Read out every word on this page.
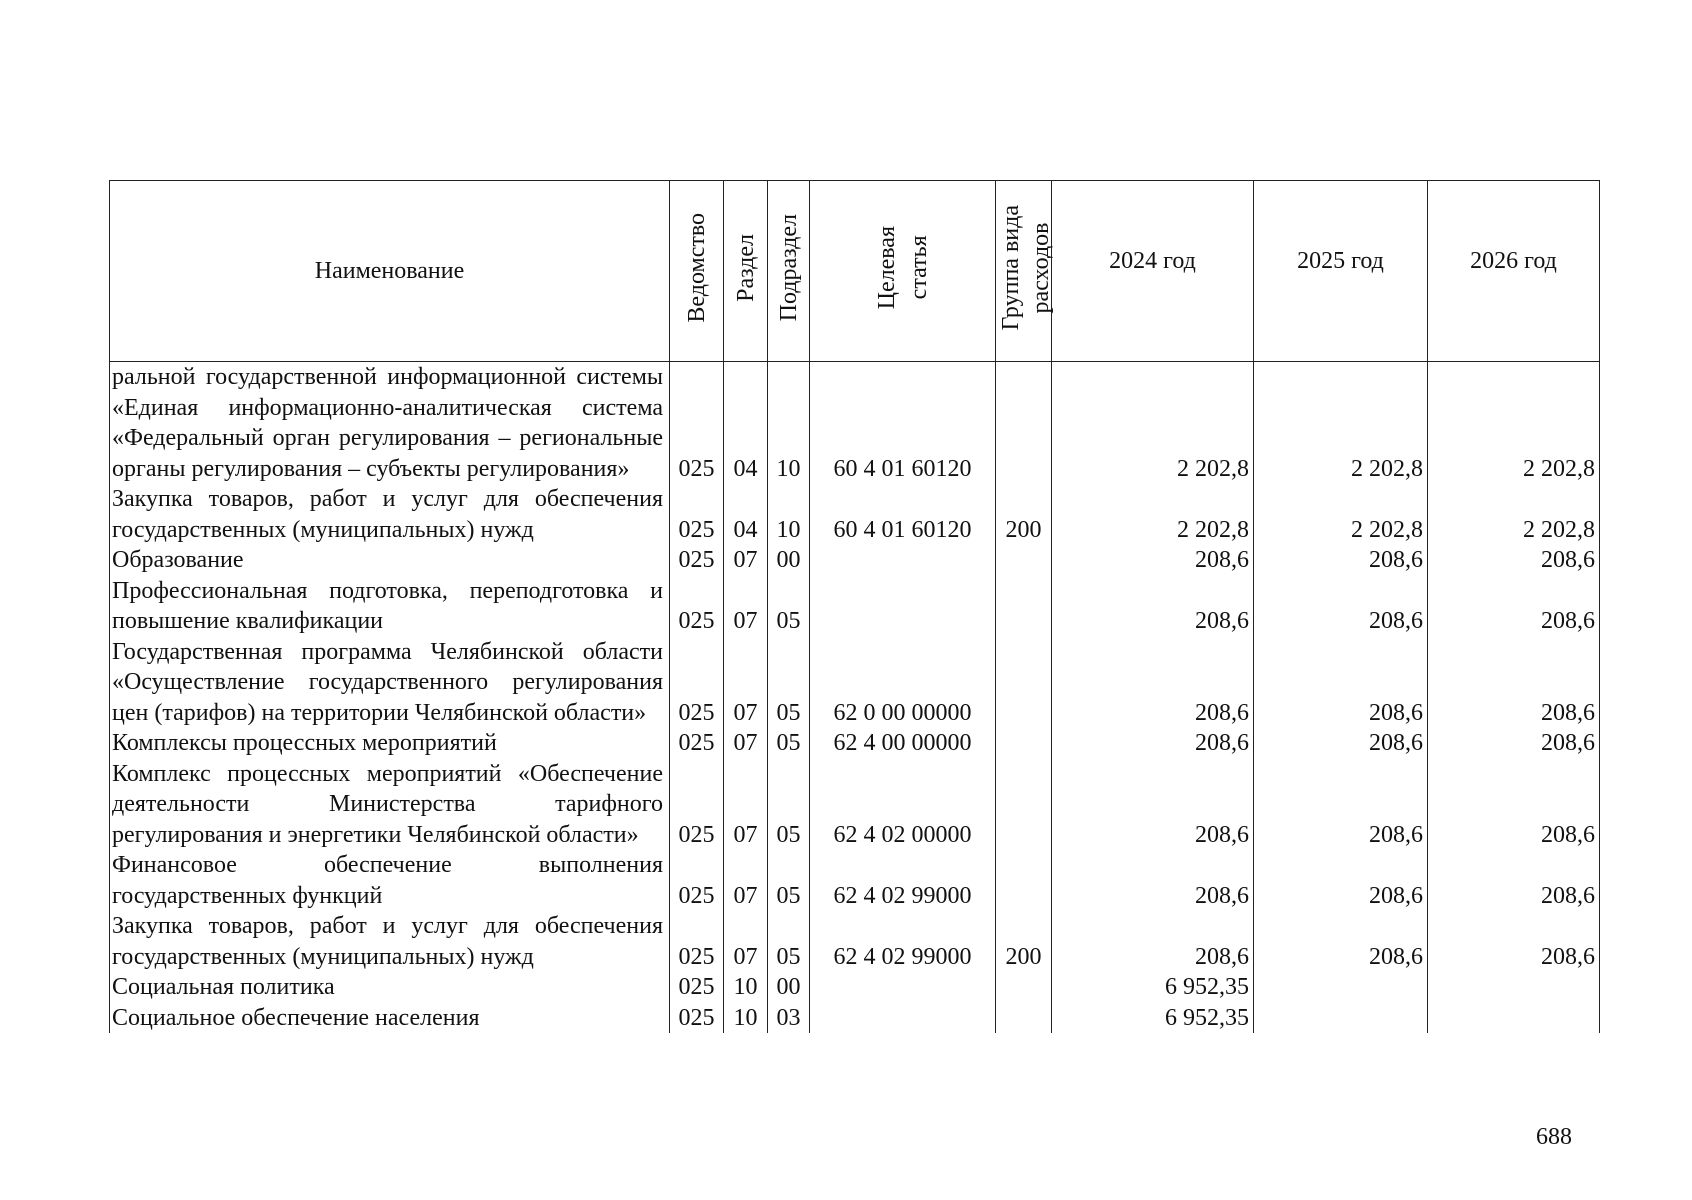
Наименование	Ведомство	Раздел	Подраздел	Целевая статья	Группа вида расходов	2024 год	2025 год	2026 год
ральной государственной информационной системы «Единая информационно-аналитическая система «Федеральный орган регулирования – региональные органы регулирования – субъекты регулирования»	025	04	10	60 4 01 60120		2 202,8	2 202,8	2 202,8
Закупка товаров, работ и услуг для обеспечения государственных (муниципальных) нужд	025	04	10	60 4 01 60120	200	2 202,8	2 202,8	2 202,8
Образование	025	07	00			208,6	208,6	208,6
Профессиональная подготовка, переподготовка и повышение квалификации	025	07	05			208,6	208,6	208,6
Государственная программа Челябинской области «Осуществление государственного регулирования цен (тарифов) на территории Челябинской области»	025	07	05	62 0 00 00000		208,6	208,6	208,6
Комплексы процессных мероприятий	025	07	05	62 4 00 00000		208,6	208,6	208,6
Комплекс процессных мероприятий «Обеспечение деятельности Министерства тарифного регулирования и энергетики Челябинской области»	025	07	05	62 4 02 00000		208,6	208,6	208,6
Финансовое обеспечение выполнения государственных функций	025	07	05	62 4 02 99000		208,6	208,6	208,6
Закупка товаров, работ и услуг для обеспечения государственных (муниципальных) нужд	025	07	05	62 4 02 99000	200	208,6	208,6	208,6
Социальная политика	025	10	00			6 952,35		
Социальное обеспечение населения	025	10	03			6 952,35		
688
